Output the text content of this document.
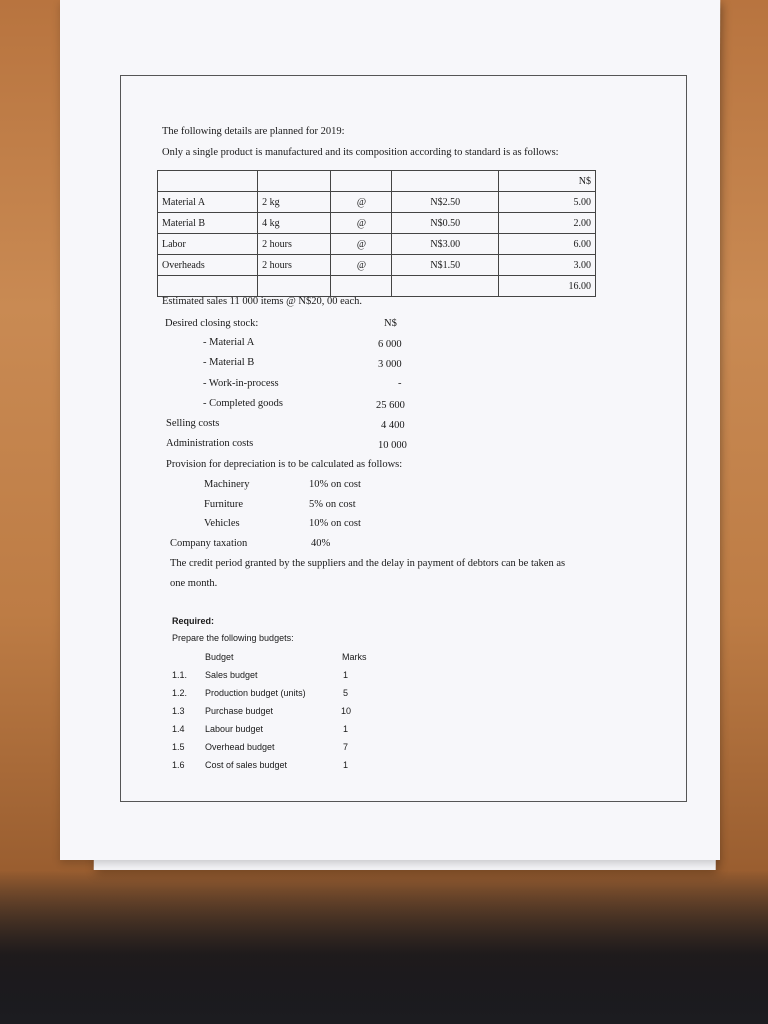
The following details are planned for 2019:
Only a single product is manufactured and its composition according to standard is as follows:
				N$
Material A	2 kg	@	N$2.50	5.00
Material B	4 kg	@	N$0.50	2.00
Labor	2 hours	@	N$3.00	6.00
Overheads	2 hours	@	N$1.50	3.00
				16.00
Estimated sales 11 000 items @ N$20, 00 each.
Desired closing stock:	N$
- Material A	6 000
- Material B	3 000
- Work-in-process	-
- Completed goods	25 600
Selling costs	4 400
Administration costs	10 000
Provision for depreciation is to be calculated as follows:
Machinery	10% on cost
Furniture	5% on cost
Vehicles	10% on cost
Company taxation	40%
The credit period granted by the suppliers and the delay in payment of debtors can be taken as
one month.
Required:
Prepare the following budgets:
Budget	Marks
1.1. Sales budget	1
1.2. Production budget (units)	5
1.3 Purchase budget	10
1.4 Labour budget	1
1.5 Overhead budget	7
1.6 Cost of sales budget	1
